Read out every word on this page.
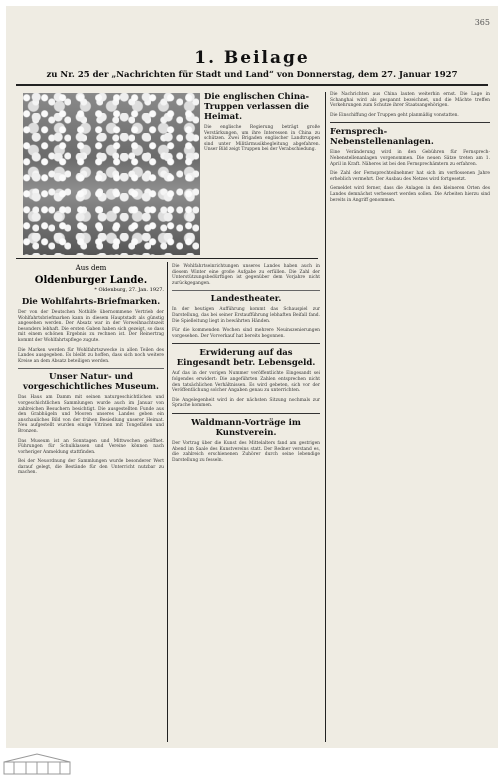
365
1. Beilage
zu Nr. 25 der „Nachrichten für Stadt und Land“ von Donnerstag, dem 27. Januar 1927
Aus dem
Oldenburger Lande.
* Oldenburg, 27. Jan. 1927.
Die Wohlfahrts-Briefmarken.

Der von der Deutschen Nothilfe übernommene Vertrieb der Wohlfahrtsbriefmarken kann in diesem Hauptstadt als günstig angesehen werden. Der Absatz war in der Vorweihnachtszeit besonders lebhaft. Die ersten Gaben haben sich gezeigt, so dass mit einem schönen Ergebnis zu rechnen ist. Der Reinertrag kommt der Wohlfahrtspflege zugute.

Die Marken werden für Wohlfahrtszwecke in allen Teilen des Landes ausgegeben. Es bleibt zu hoffen, dass sich noch weitere Kreise an dem Absatz beteiligen werden.

Unser Natur- und vorgeschichtliches Museum.

Das Haus am Damm mit seinen naturgeschichtlichen und vorgeschichtlichen Sammlungen wurde auch im Januar von zahlreichen Besuchern besichtigt. Die ausgestellten Funde aus den Grabhügeln und Mooren unseres Landes geben ein anschauliches Bild von der frühen Besiedlung unserer Heimat. Neu aufgestellt wurden einige Vitrinen mit Tongefäßen und Bronzen.

Das Museum ist an Sonntagen und Mittwochen geöffnet. Führungen für Schulklassen und Vereine können nach vorheriger Anmeldung stattfinden.

Bei der Neuordnung der Sammlungen wurde besonderer Wert darauf gelegt, die Bestände für den Unterricht nutzbar zu machen.

Die Wohlfahrtseinrichtungen unseres Landes haben auch in diesem Winter eine große Aufgabe zu erfüllen. Die Zahl der Unterstützungsbedürftigen ist gegenüber dem Vorjahre nicht zurückgegangen.

Landestheater.

In der heutigen Aufführung kommt das Schauspiel zur Darstellung, das bei seiner Erstaufführung lebhaften Beifall fand. Die Spielleitung liegt in bewährten Händen.

Für die kommenden Wochen sind mehrere Neuinszenierungen vorgesehen. Der Vorverkauf hat bereits begonnen.

Erwiderung auf das Eingesandt betr. Lebensgeld.

Auf das in der vorigen Nummer veröffentlichte Eingesandt sei folgendes erwidert: Die angeführten Zahlen entsprechen nicht den tatsächlichen Verhältnissen. Es wird gebeten, sich vor der Veröffentlichung solcher Angaben genau zu unterrichten.

Die Angelegenheit wird in der nächsten Sitzung nochmals zur Sprache kommen.

Waldmann-Vorträge im Kunstverein.

Der Vortrag über die Kunst des Mittelalters fand am gestrigen Abend im Saale des Kunstvereins statt. Der Redner verstand es, die zahlreich erschienenen Zuhörer durch seine lebendige Darstellung zu fesseln.

Die englischen China-Truppen verlassen die Heimat.

Die englische Regierung beträgt große Verstärkungen, um ihre Interessen in China zu schützen. Zwei Brigaden englischer Landtruppen sind unter Militärmusikbegleitung abgefahren. Unser Bild zeigt Truppen bei der Verabschiedung.

Die Nachrichten aus China lauten weiterhin ernst. Die Lage in Schanghai wird als gespannt bezeichnet, und die Mächte treffen Vorkehrungen zum Schutze ihrer Staatsangehörigen.

Die Einschiffung der Truppen geht planmäßig vonstatten.

Fernsprech-Nebenstellenanlagen.

Eine Veränderung wird in den Gebühren für Fernsprech-Nebenstellenanlagen vorgenommen. Die neuen Sätze treten am 1. April in Kraft. Näheres ist bei den Fernsprechämtern zu erfahren.

Die Zahl der Fernsprechteilnehmer hat sich im verflossenen Jahre erheblich vermehrt. Der Ausbau des Netzes wird fortgesetzt.

Gemeldet wird ferner, dass die Anlagen in den kleineren Orten des Landes demnächst verbessert werden sollen. Die Arbeiten hierzu sind bereits in Angriff genommen.
